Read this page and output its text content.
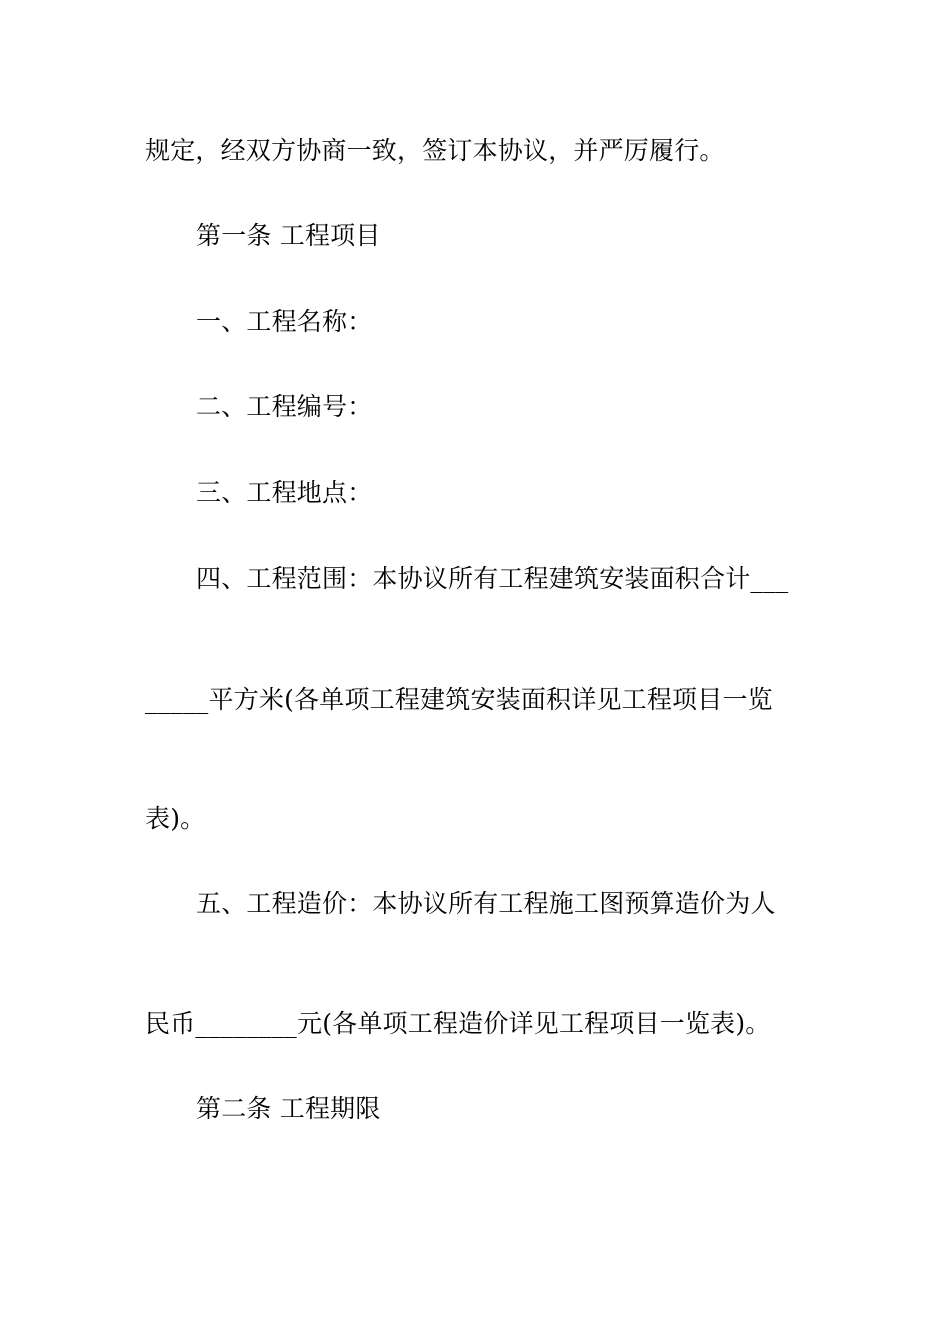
规定，经双方协商一致，签订本协议，并严厉履行。
第一条 工程项目
一、工程名称：
二、工程编号：
三、工程地点：
四、工程范围：本协议所有工程建筑安装面积合计___
_____平方米(各单项工程建筑安装面积详见工程项目一览
表)。
五、工程造价：本协议所有工程施工图预算造价为人
民币________元(各单项工程造价详见工程项目一览表)。
第二条 工程期限
